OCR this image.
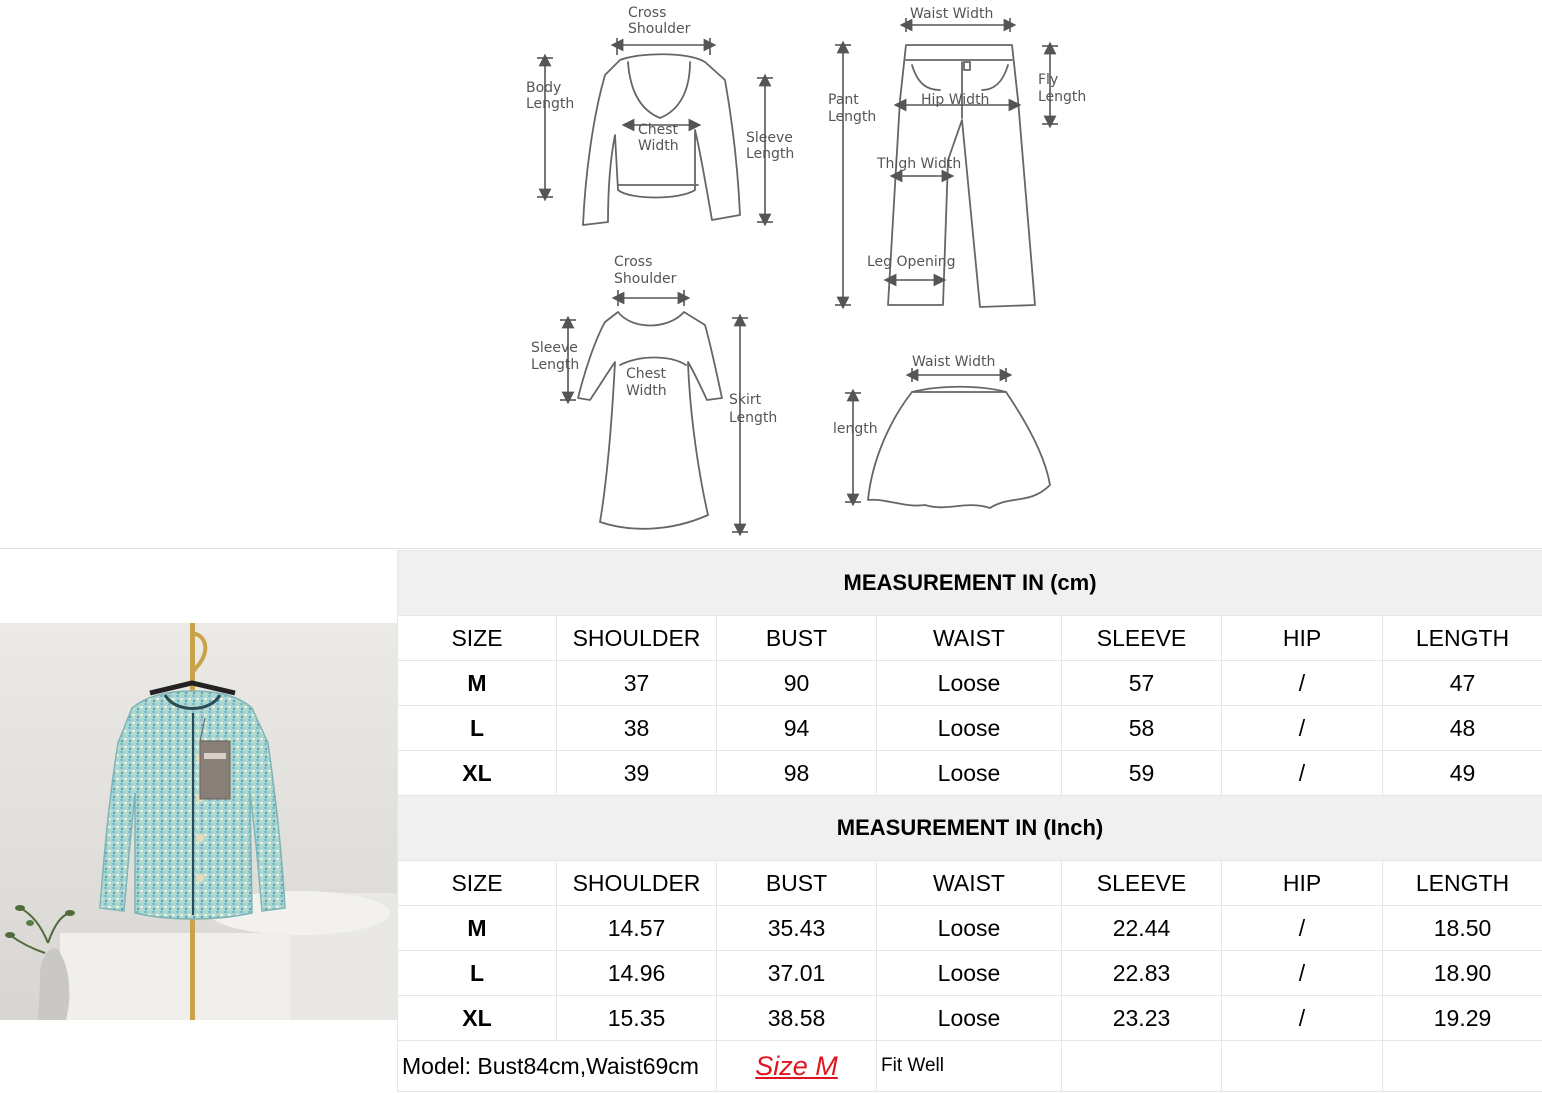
Cross
Shoulder
Body
Length
Chest
Width	Sleeve
Length
Waist Width
Pant
Length
Fly
Length
Hip Width
Thigh Width
Leg Opening
Cross
Shoulder
Sleeve
Length
Chest
Width
Skirt
Length
Waist Width
length
MEASUREMENT IN (cm)						
SIZE	SHOULDER	BUST	WAIST	SLEEVE	HIP	LENGTH
M	37	90	Loose	57	/	47
L	38	94	Loose	58	/	48
XL	39	98	Loose	59	/	49
MEASUREMENT IN (Inch)						
SIZE	SHOULDER	BUST	WAIST	SLEEVE	HIP	LENGTH
M	14.57	35.43	Loose	22.44	/	18.50
L	14.96	37.01	Loose	22.83	/	18.90
XL	15.35	38.58	Loose	23.23	/	19.29
Model: Bust84cm,Waist69cm		Size M	Fit Well			
